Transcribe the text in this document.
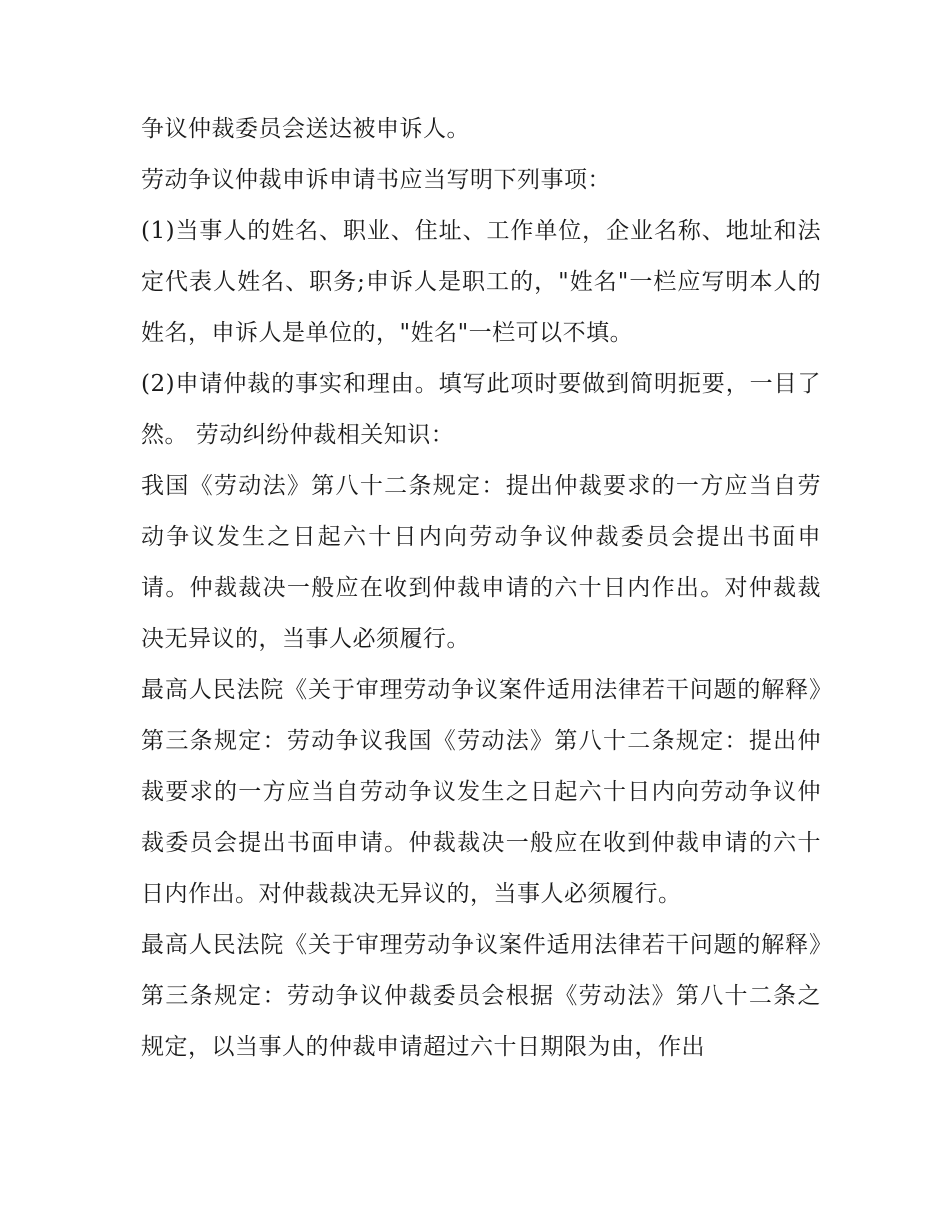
争议仲裁委员会送达被申诉人。

劳动争议仲裁申诉申请书应当写明下列事项：

(1)当事人的姓名、职业、住址、工作单位，企业名称、地址和法定代表人姓名、职务;申诉人是职工的，"姓名"一栏应写明本人的姓名，申诉人是单位的，"姓名"一栏可以不填。

(2)申请仲裁的事实和理由。填写此项时要做到简明扼要，一目了然。 劳动纠纷仲裁相关知识：

我国《劳动法》第八十二条规定：提出仲裁要求的一方应当自劳动争议发生之日起六十日内向劳动争议仲裁委员会提出书面申请。仲裁裁决一般应在收到仲裁申请的六十日内作出。对仲裁裁决无异议的，当事人必须履行。

最高人民法院《关于审理劳动争议案件适用法律若干问题的解释》第三条规定：劳动争议我国《劳动法》第八十二条规定：提出仲裁要求的一方应当自劳动争议发生之日起六十日内向劳动争议仲裁委员会提出书面申请。仲裁裁决一般应在收到仲裁申请的六十日内作出。对仲裁裁决无异议的，当事人必须履行。

最高人民法院《关于审理劳动争议案件适用法律若干问题的解释》第三条规定：劳动争议仲裁委员会根据《劳动法》第八十二条之规定，以当事人的仲裁申请超过六十日期限为由，作出
